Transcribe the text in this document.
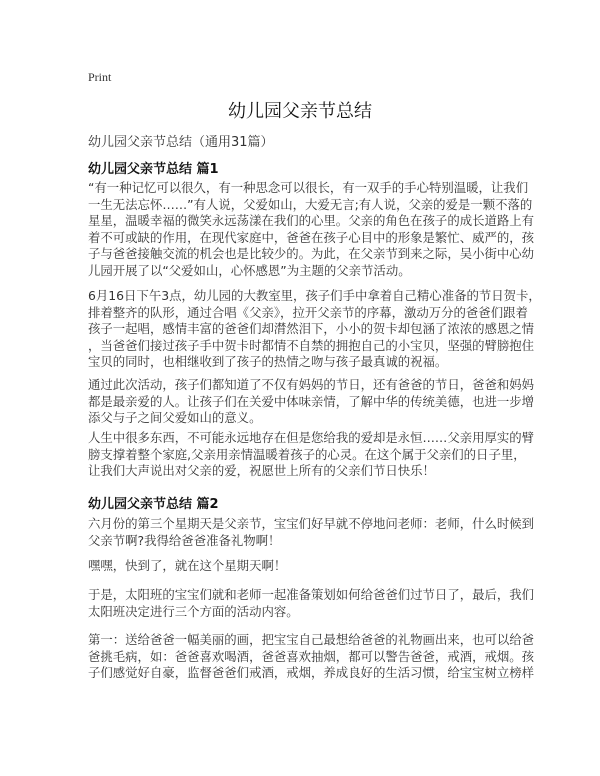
Print
幼儿园父亲节总结
幼儿园父亲节总结（通用31篇）
幼儿园父亲节总结 篇1
“有一种记忆可以很久，有一种思念可以很长，有一双手的手心特别温暖，让我们
一生无法忘怀……”有人说，父爱如山，大爱无言;有人说，父亲的爱是一颗不落的
星星，温暖幸福的微笑永远荡漾在我们的心里。父亲的角色在孩子的成长道路上有
着不可或缺的作用，在现代家庭中，爸爸在孩子心目中的形象是繁忙、威严的，孩
子与爸爸接触交流的机会也是比较少的。为此，在父亲节到来之际，吴小街中心幼
儿园开展了以“父爱如山，心怀感恩”为主题的父亲节活动。
6月16日下午3点，幼儿园的大教室里，孩子们手中拿着自己精心准备的节日贺卡，
排着整齐的队形，通过合唱《父亲》，拉开父亲节的序幕，激动万分的爸爸们跟着
孩子一起唱，感情丰富的爸爸们却潸然泪下，小小的贺卡却包涵了浓浓的感恩之情
，当爸爸们接过孩子手中贺卡时都情不自禁的拥抱自己的小宝贝，坚强的臂膀抱住
宝贝的同时，也相继收到了孩子的热情之吻与孩子最真诚的祝福。
通过此次活动，孩子们都知道了不仅有妈妈的节日，还有爸爸的节日，爸爸和妈妈
都是最亲爱的人。让孩子们在关爱中体味亲情，了解中华的传统美德，也进一步增
添父与子之间父爱如山的意义。
人生中很多东西，不可能永远地存在但是您给我的爱却是永恒……父亲用厚实的臂
膀支撑着整个家庭,父亲用亲情温暖着孩子的心灵。在这个属于父亲们的日子里，
让我们大声说出对父亲的爱，祝愿世上所有的父亲们节日快乐！
幼儿园父亲节总结 篇2
六月份的第三个星期天是父亲节，宝宝们好早就不停地问老师：老师，什么时候到
父亲节啊?我得给爸爸准备礼物啊！
嘿嘿，快到了，就在这个星期天啊！
于是，太阳班的宝宝们就和老师一起准备策划如何给爸爸们过节日了，最后，我们
太阳班决定进行三个方面的活动内容。
第一：送给爸爸一幅美丽的画，把宝宝自己最想给爸爸的礼物画出来，也可以给爸
爸挑毛病，如：爸爸喜欢喝酒，爸爸喜欢抽烟，都可以警告爸爸，戒酒，戒烟。孩
子们感觉好自豪，监督爸爸们戒酒，戒烟，养成良好的生活习惯，给宝宝树立榜样
